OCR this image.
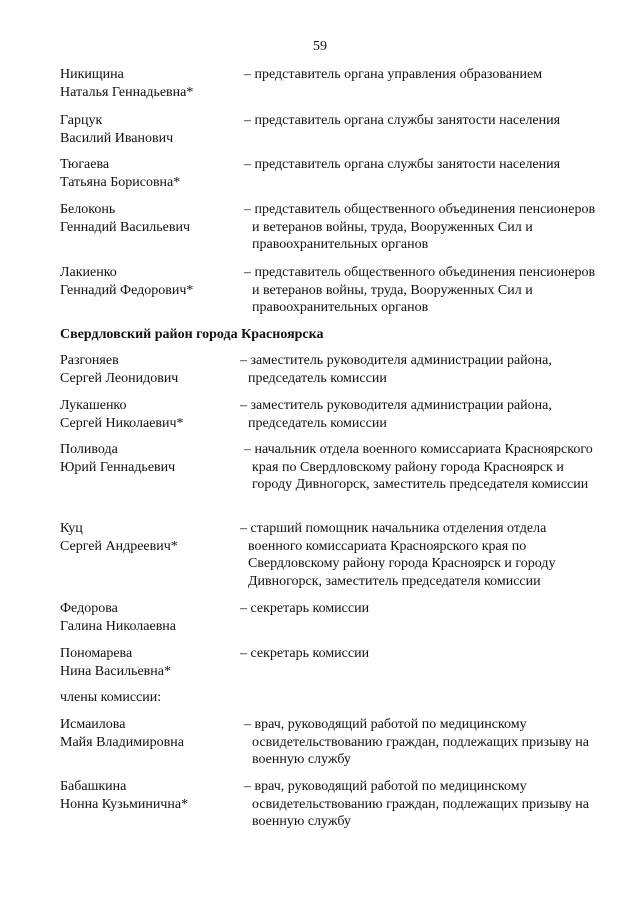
59
Никищина
Наталья Геннадьевна*
– представитель органа управления образованием
Гарцук
Василий Иванович
– представитель органа службы занятости населения
Тюгаева
Татьяна Борисовна*
– представитель органа службы занятости населения
Белоконь
Геннадий Васильевич
– представитель общественного объединения пенсионеров и ветеранов войны, труда, Вооруженных Сил и правоохранительных органов
Лакиенко
Геннадий Федорович*
– представитель общественного объединения пенсионеров и ветеранов войны, труда, Вооруженных Сил и правоохранительных органов
Свердловский район города Красноярска
Разгоняев
Сергей Леонидович
– заместитель руководителя администрации района, председатель комиссии
Лукашенко
Сергей Николаевич*
– заместитель руководителя администрации района, председатель комиссии
Поливода
Юрий Геннадьевич
– начальник отдела военного комиссариата Красноярского края по Свердловскому району города Красноярск и городу Дивногорск, заместитель председателя комиссии
Куц
Сергей Андреевич*
– старший помощник начальника отделения отдела военного комиссариата Красноярского края по Свердловскому району города Красноярск и городу Дивногорск, заместитель председателя комиссии
Федорова
Галина Николаевна
– секретарь комиссии
Пономарева
Нина Васильевна*
– секретарь комиссии
члены комиссии:
Исмаилова
Майя Владимировна
– врач, руководящий работой по медицинскому освидетельствованию граждан, подлежащих призыву на военную службу
Бабашкина
Нонна Кузьминична*
– врач, руководящий работой по медицинскому освидетельствованию граждан, подлежащих призыву на военную службу
